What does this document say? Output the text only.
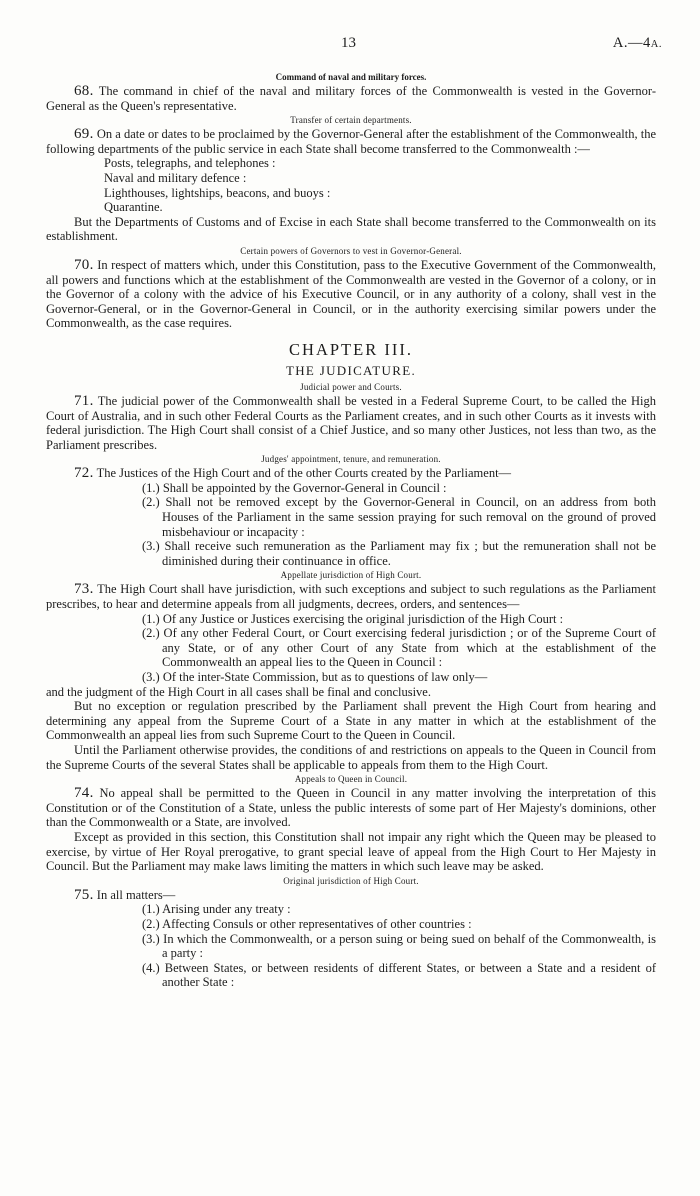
13	A.—4A.
Command of naval and military forces.

68. The command in chief of the naval and military forces of the Commonwealth is vested in the Governor-General as the Queen's representative.

Transfer of certain departments.

69. On a date or dates to be proclaimed by the Governor-General after the establishment of the Commonwealth, the following departments of the public service in each State shall become transferred to the Commonwealth :—

Posts, telegraphs, and telephones :

Naval and military defence :

Lighthouses, lightships, beacons, and buoys :

Quarantine.

But the Departments of Customs and of Excise in each State shall become transferred to the Commonwealth on its establishment.

Certain powers of Governors to vest in Governor-General.

70. In respect of matters which, under this Constitution, pass to the Executive Government of the Commonwealth, all powers and functions which at the establishment of the Commonwealth are vested in the Governor of a colony, or in the Governor of a colony with the advice of his Executive Council, or in any authority of a colony, shall vest in the Governor-General, or in the Governor-General in Council, or in the authority exercising similar powers under the Commonwealth, as the case requires.

CHAPTER III.
THE JUDICATURE.
Judicial power and Courts.

71. The judicial power of the Commonwealth shall be vested in a Federal Supreme Court, to be called the High Court of Australia, and in such other Federal Courts as the Parliament creates, and in such other Courts as it invests with federal jurisdiction. The High Court shall consist of a Chief Justice, and so many other Justices, not less than two, as the Parliament prescribes.

Judges' appointment, tenure, and remuneration.

72. The Justices of the High Court and of the other Courts created by the Parliament—

(1.) Shall be appointed by the Governor-General in Council :

(2.) Shall not be removed except by the Governor-General in Council, on an address from both Houses of the Parliament in the same session praying for such removal on the ground of proved misbehaviour or incapacity :

(3.) Shall receive such remuneration as the Parliament may fix ; but the remuneration shall not be diminished during their continuance in office.

Appellate jurisdiction of High Court.

73. The High Court shall have jurisdiction, with such exceptions and subject to such regulations as the Parliament prescribes, to hear and determine appeals from all judgments, decrees, orders, and sentences—

(1.) Of any Justice or Justices exercising the original jurisdiction of the High Court :

(2.) Of any other Federal Court, or Court exercising federal jurisdiction ; or of the Supreme Court of any State, or of any other Court of any State from which at the establishment of the Commonwealth an appeal lies to the Queen in Council :

(3.) Of the inter-State Commission, but as to questions of law only—

and the judgment of the High Court in all cases shall be final and conclusive.

But no exception or regulation prescribed by the Parliament shall prevent the High Court from hearing and determining any appeal from the Supreme Court of a State in any matter in which at the establishment of the Commonwealth an appeal lies from such Supreme Court to the Queen in Council.

Until the Parliament otherwise provides, the conditions of and restrictions on appeals to the Queen in Council from the Supreme Courts of the several States shall be applicable to appeals from them to the High Court.

Appeals to Queen in Council.

74. No appeal shall be permitted to the Queen in Council in any matter involving the interpretation of this Constitution or of the Constitution of a State, unless the public interests of some part of Her Majesty's dominions, other than the Commonwealth or a State, are involved.

Except as provided in this section, this Constitution shall not impair any right which the Queen may be pleased to exercise, by virtue of Her Royal prerogative, to grant special leave of appeal from the High Court to Her Majesty in Council. But the Parliament may make laws limiting the matters in which such leave may be asked.

Original jurisdiction of High Court.

75. In all matters—

(1.) Arising under any treaty :

(2.) Affecting Consuls or other representatives of other countries :

(3.) In which the Commonwealth, or a person suing or being sued on behalf of the Commonwealth, is a party :

(4.) Between States, or between residents of different States, or between a State and a resident of another State :
